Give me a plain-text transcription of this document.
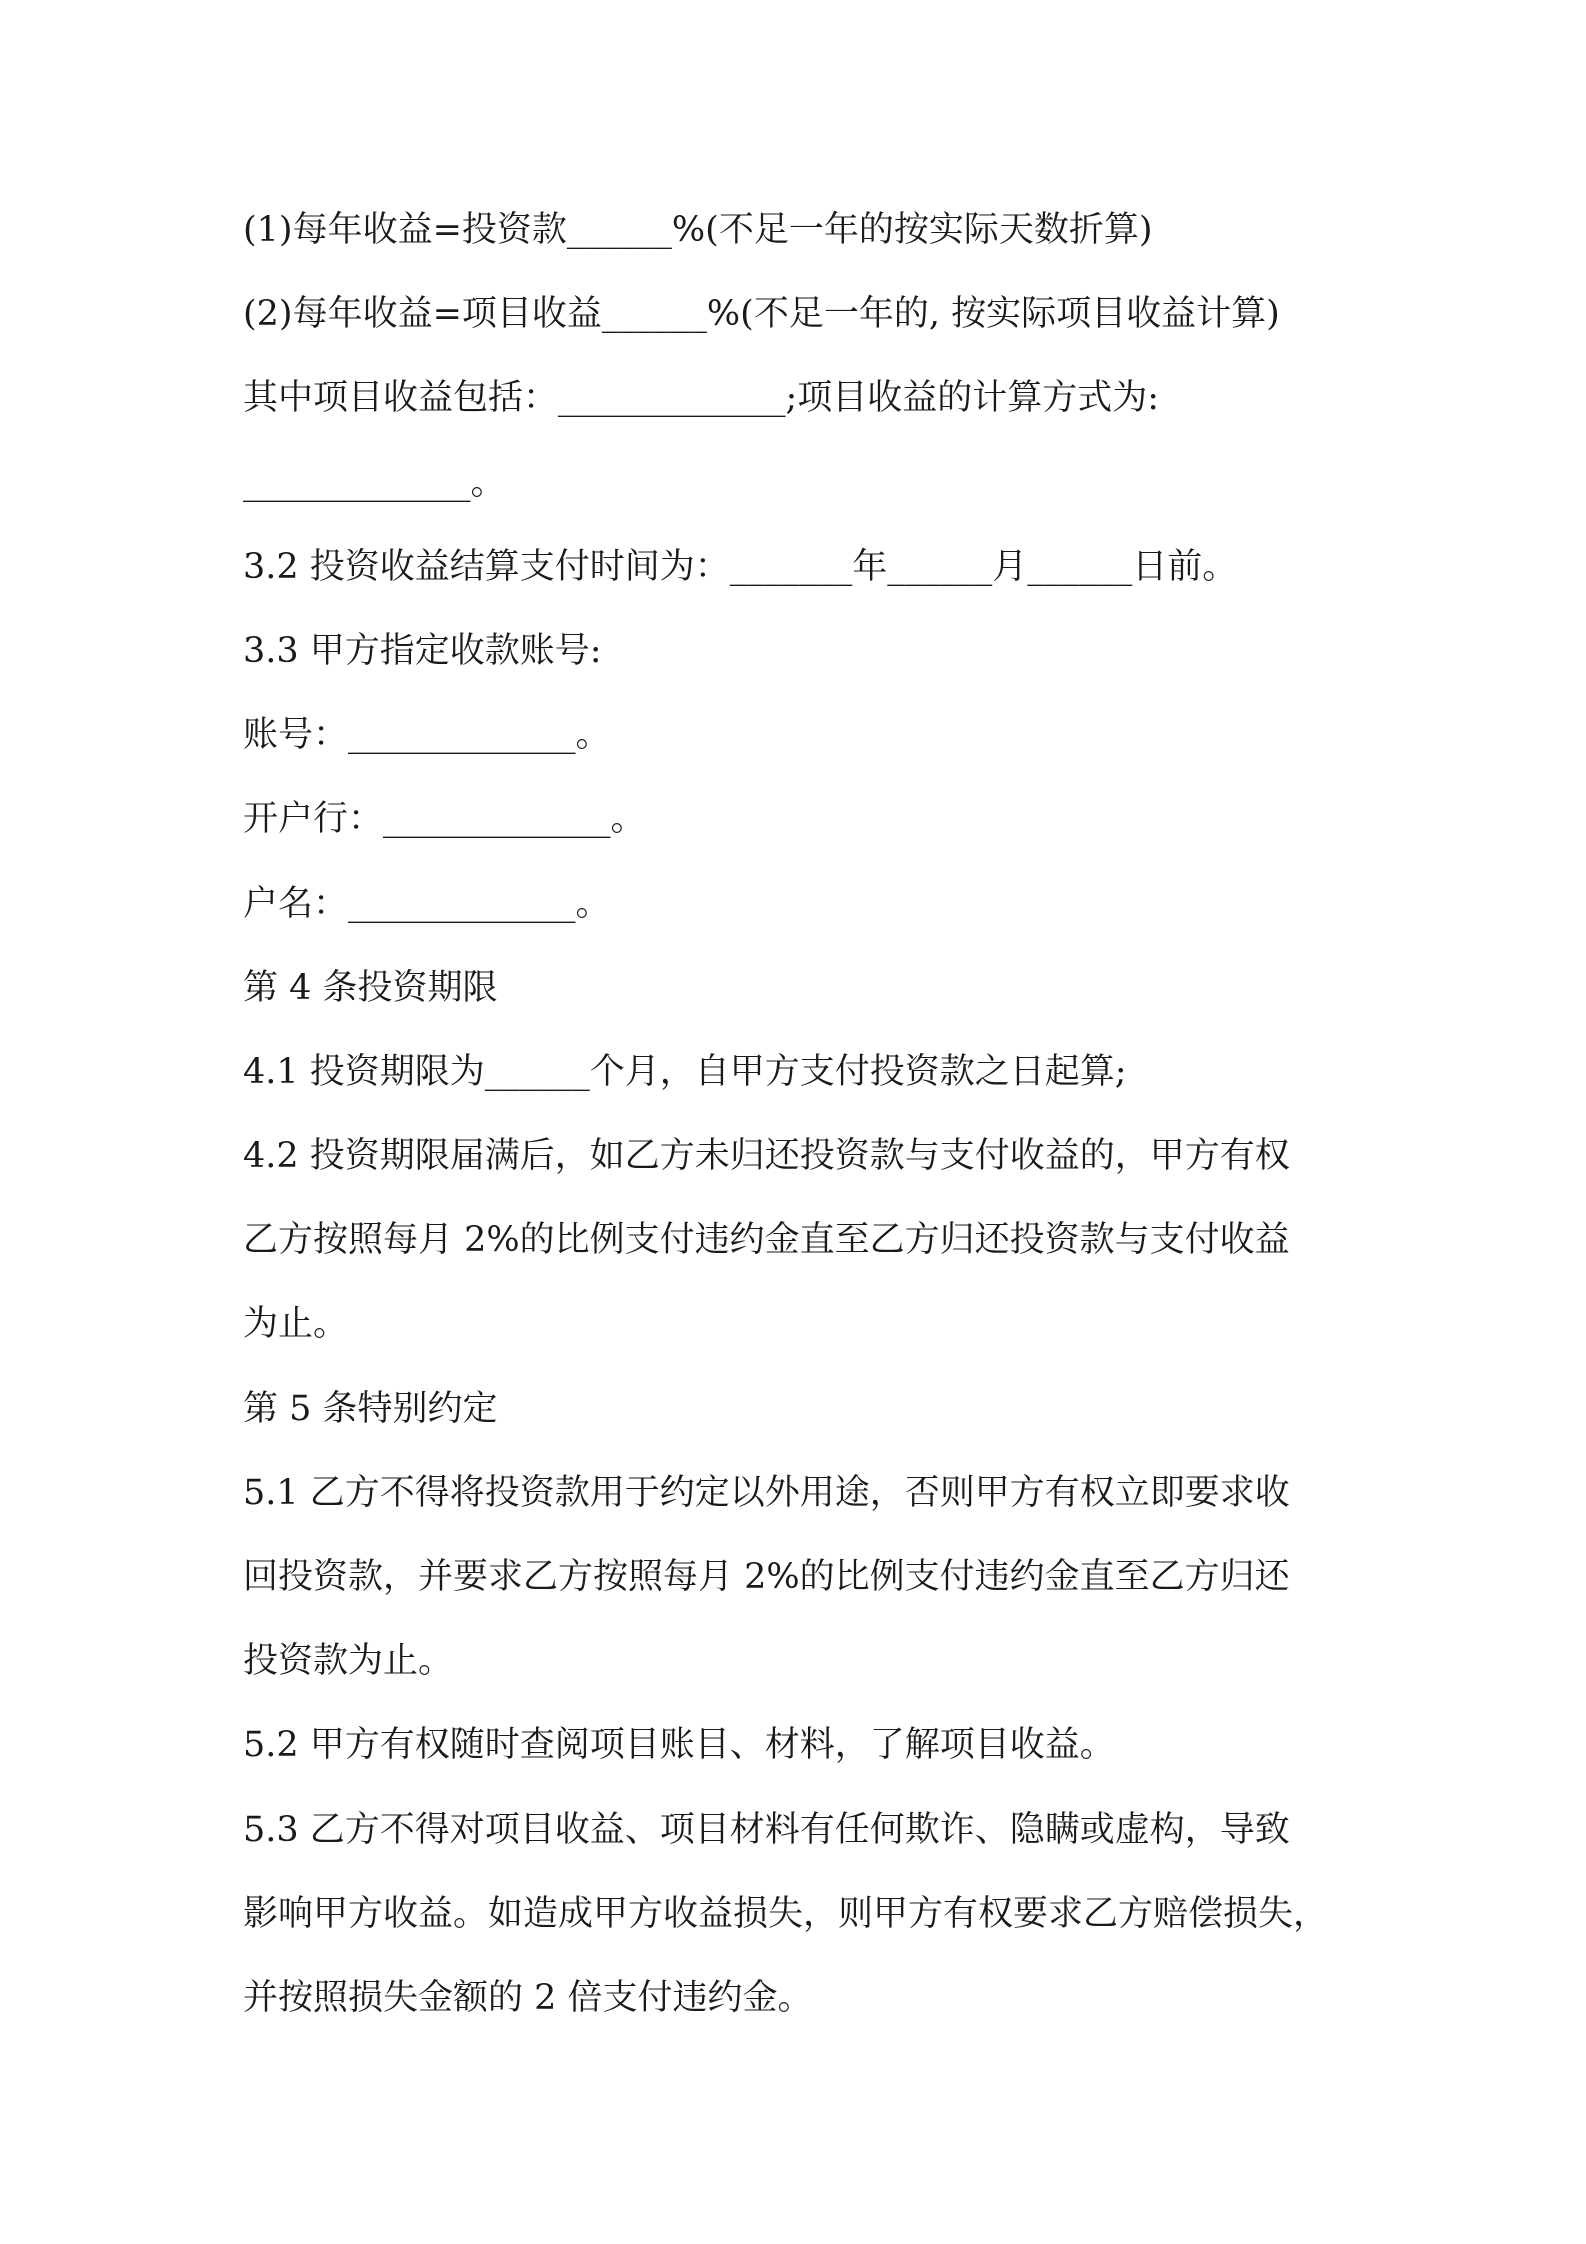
(1)每年收益=投资款______%(不足一年的按实际天数折算)
(2)每年收益=项目收益______%(不足一年的, 按实际项目收益计算)
其中项目收益包括：_____________;项目收益的计算方式为:
_____________。
3.2 投资收益结算支付时间为：_______年______月______日前。
3.3 甲方指定收款账号:
账号：_____________。
开户行：_____________。
户名：_____________。
第 4 条投资期限
4.1 投资期限为______个月，自甲方支付投资款之日起算;
4.2 投资期限届满后，如乙方未归还投资款与支付收益的，甲方有权
乙方按照每月 2%的比例支付违约金直至乙方归还投资款与支付收益
为止。
第 5 条特别约定
5.1 乙方不得将投资款用于约定以外用途，否则甲方有权立即要求收
回投资款，并要求乙方按照每月 2%的比例支付违约金直至乙方归还
投资款为止。
5.2 甲方有权随时查阅项目账目、材料，了解项目收益。
5.3 乙方不得对项目收益、项目材料有任何欺诈、隐瞒或虚构，导致
影响甲方收益。如造成甲方收益损失，则甲方有权要求乙方赔偿损失，
并按照损失金额的 2 倍支付违约金。
